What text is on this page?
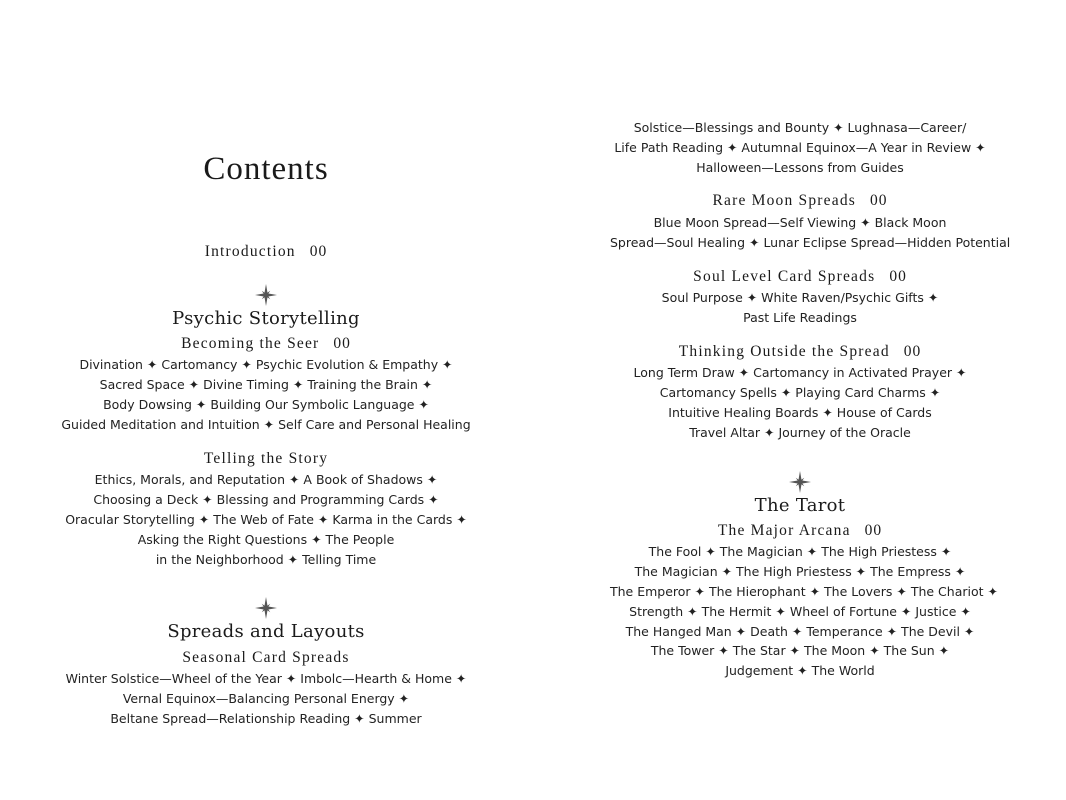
Contents
Introduction 00
Psychic Storytelling
Becoming the Seer 00
Divination ✦ Cartomancy ✦ Psychic Evolution & Empathy ✦
Sacred Space ✦ Divine Timing ✦ Training the Brain ✦
Body Dowsing ✦ Building Our Symbolic Language ✦
Guided Meditation and Intuition ✦ Self Care and Personal Healing
Telling the Story
Ethics, Morals, and Reputation ✦ A Book of Shadows ✦
Choosing a Deck ✦ Blessing and Programming Cards ✦
Oracular Storytelling ✦ The Web of Fate ✦ Karma in the Cards ✦
Asking the Right Questions ✦ The People
in the Neighborhood ✦ Telling Time
Spreads and Layouts
Seasonal Card Spreads
Winter Solstice—Wheel of the Year ✦ Imbolc—Hearth & Home ✦
Vernal Equinox—Balancing Personal Energy ✦
Beltane Spread—Relationship Reading ✦ Summer
Solstice—Blessings and Bounty ✦ Lughnasa—Career/
Life Path Reading ✦ Autumnal Equinox—A Year in Review ✦
Halloween—Lessons from Guides
Rare Moon Spreads 00
Blue Moon Spread—Self Viewing ✦ Black Moon
Spread—Soul Healing ✦ Lunar Eclipse Spread—Hidden Potential
Soul Level Card Spreads 00
Soul Purpose ✦ White Raven/Psychic Gifts ✦
Past Life Readings
Thinking Outside the Spread 00
Long Term Draw ✦ Cartomancy in Activated Prayer ✦
Cartomancy Spells ✦ Playing Card Charms ✦
Intuitive Healing Boards ✦ House of Cards
Travel Altar ✦ Journey of the Oracle
The Tarot
The Major Arcana 00
The Fool ✦ The Magician ✦ The High Priestess ✦
The Magician ✦ The High Priestess ✦ The Empress ✦
The Emperor ✦ The Hierophant ✦ The Lovers ✦ The Chariot ✦
Strength ✦ The Hermit ✦ Wheel of Fortune ✦ Justice ✦
The Hanged Man ✦ Death ✦ Temperance ✦ The Devil ✦
The Tower ✦ The Star ✦ The Moon ✦ The Sun ✦
Judgement ✦ The World
